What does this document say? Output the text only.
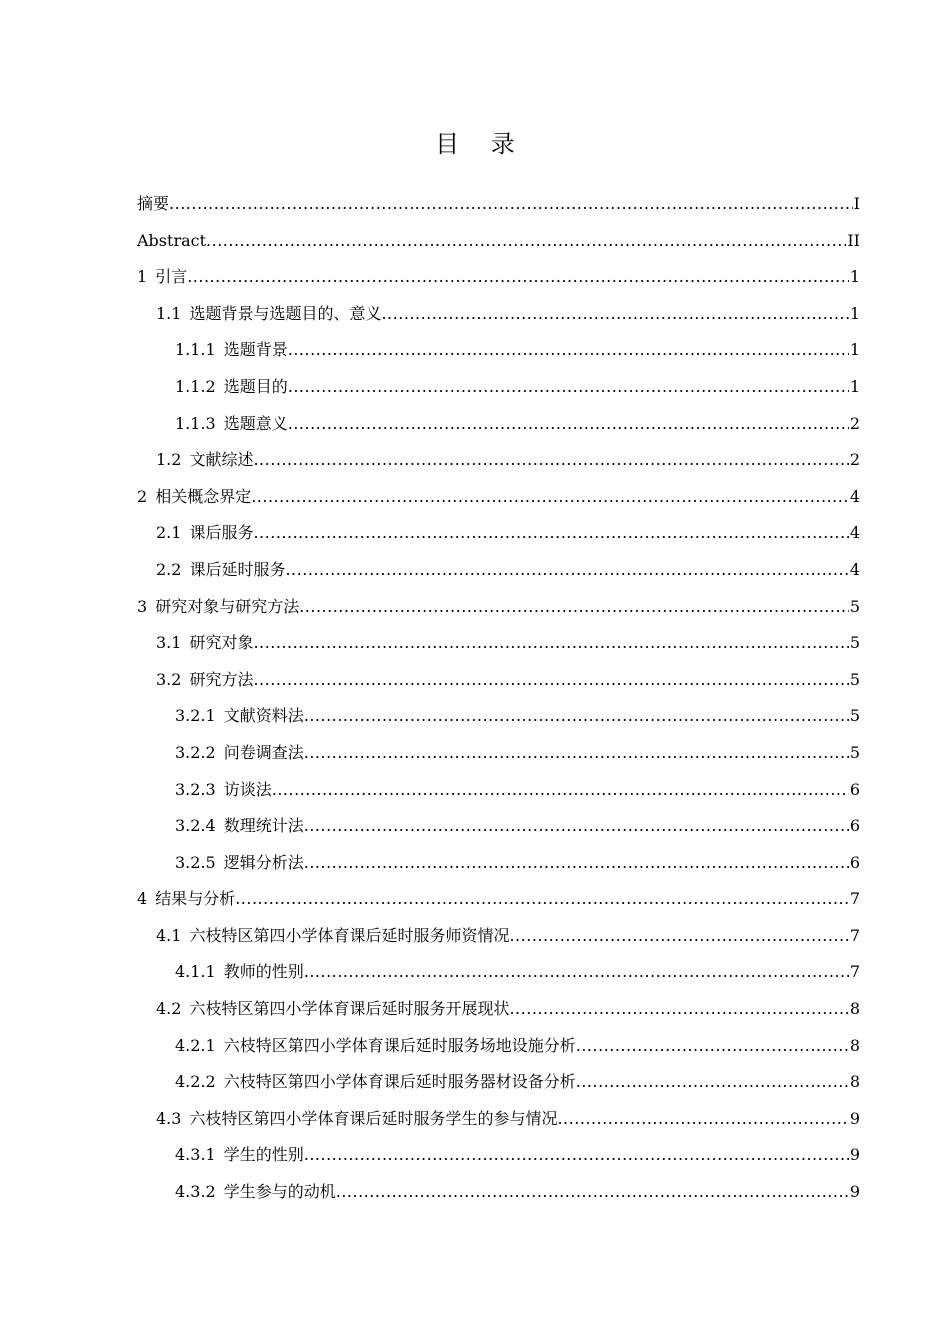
目 录
摘要 .....	I
Abstract .....	II
1 引言 .....	1
1.1 选题背景与选题目的、意义 .....	1
1.1.1 选题背景 .....	1
1.1.2 选题目的 .....	1
1.1.3 选题意义 .....	2
1.2 文献综述 .....	2
2 相关概念界定 .....	4
2.1 课后服务 .....	4
2.2 课后延时服务 .....	4
3 研究对象与研究方法 .....	5
3.1 研究对象 .....	5
3.2 研究方法 .....	5
3.2.1 文献资料法 .....	5
3.2.2 问卷调查法 .....	5
3.2.3 访谈法 .....	6
3.2.4 数理统计法 .....	6
3.2.5 逻辑分析法 .....	6
4 结果与分析 .....	7
4.1 六枝特区第四小学体育课后延时服务师资情况 .....	7
4.1.1 教师的性别 .....	7
4.2 六枝特区第四小学体育课后延时服务开展现状 .....	8
4.2.1 六枝特区第四小学体育课后延时服务场地设施分析 .....	8
4.2.2 六枝特区第四小学体育课后延时服务器材设备分析 .....	8
4.3 六枝特区第四小学体育课后延时服务学生的参与情况 .....	9
4.3.1 学生的性别 .....	9
4.3.2 学生参与的动机 .....	9
